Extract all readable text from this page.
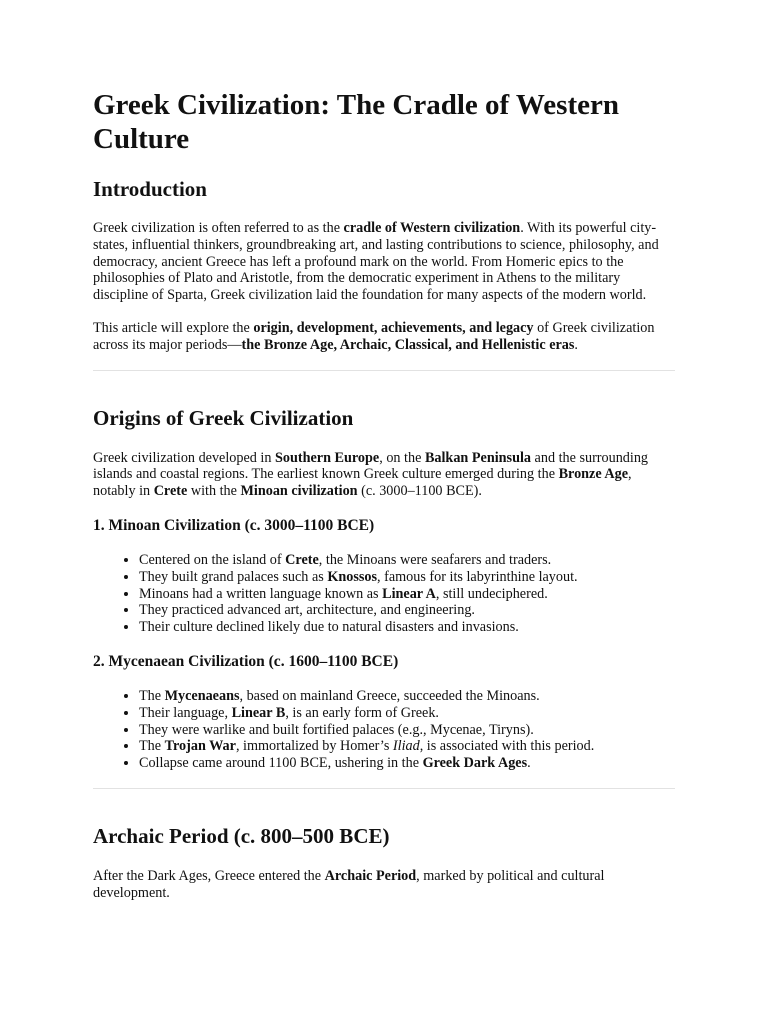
Greek Civilization: The Cradle of Western Culture
Introduction

Greek civilization is often referred to as the cradle of Western civilization. With its powerful city-states, influential thinkers, groundbreaking art, and lasting contributions to science, philosophy, and democracy, ancient Greece has left a profound mark on the world. From Homeric epics to the philosophies of Plato and Aristotle, from the democratic experiment in Athens to the military discipline of Sparta, Greek civilization laid the foundation for many aspects of the modern world.

This article will explore the origin, development, achievements, and legacy of Greek civilization across its major periods—the Bronze Age, Archaic, Classical, and Hellenistic eras.

Origins of Greek Civilization

Greek civilization developed in Southern Europe, on the Balkan Peninsula and the surrounding islands and coastal regions. The earliest known Greek culture emerged during the Bronze Age, notably in Crete with the Minoan civilization (c. 3000–1100 BCE).

1. Minoan Civilization (c. 3000–1100 BCE)
• Centered on the island of Crete, the Minoans were seafarers and traders.
• They built grand palaces such as Knossos, famous for its labyrinthine layout.
• Minoans had a written language known as Linear A, still undeciphered.
• They practiced advanced art, architecture, and engineering.
• Their culture declined likely due to natural disasters and invasions.
2. Mycenaean Civilization (c. 1600–1100 BCE)
• The Mycenaeans, based on mainland Greece, succeeded the Minoans.
• Their language, Linear B, is an early form of Greek.
• They were warlike and built fortified palaces (e.g., Mycenae, Tiryns).
• The Trojan War, immortalized by Homer’s Iliad, is associated with this period.
• Collapse came around 1100 BCE, ushering in the Greek Dark Ages.
Archaic Period (c. 800–500 BCE)

After the Dark Ages, Greece entered the Archaic Period, marked by political and cultural development.
